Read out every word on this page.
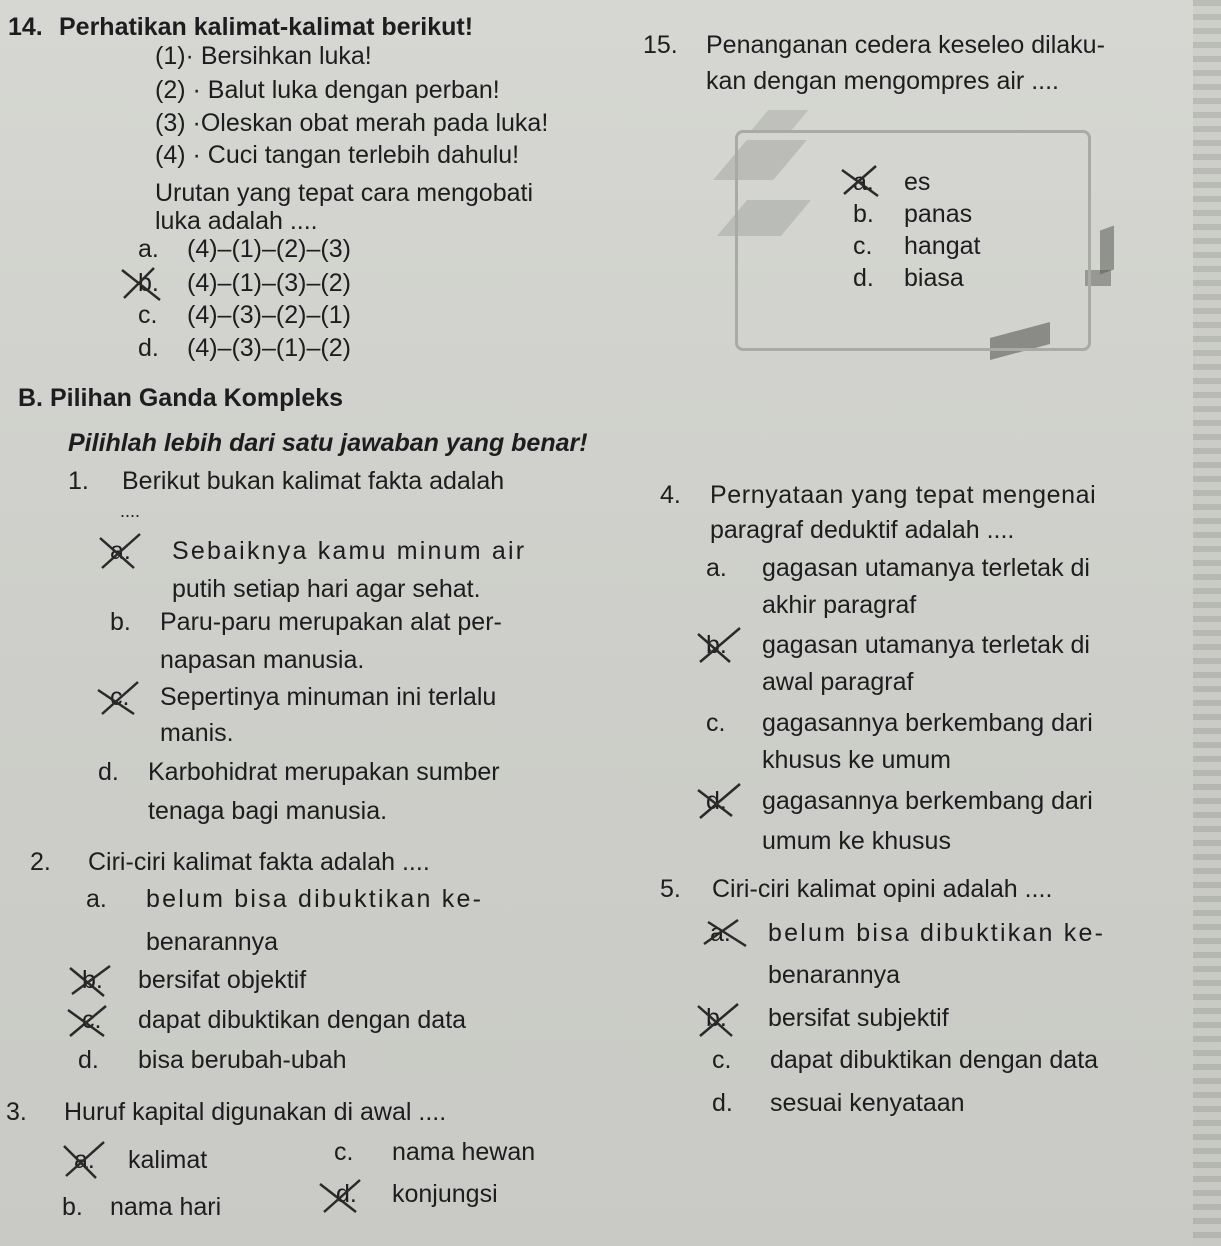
14. Perhatikan kalimat-kalimat berikut!
(1)· Bersihkan luka!
(2) · Balut luka dengan perban!
(3) ·Oleskan obat merah pada luka!
(4) · Cuci tangan terlebih dahulu!
Urutan yang tepat cara mengobati
luka adalah ....
a. (4)–(1)–(2)–(3)
b. (4)–(1)–(3)–(2)
c. (4)–(3)–(2)–(1)
d. (4)–(3)–(1)–(2)
15. Penanganan cedera keseleo dilaku-
kan dengan mengompres air ....
a. es
b. panas
c. hangat
d. biasa
B. Pilihan Ganda Kompleks
Pilihlah lebih dari satu jawaban yang benar!
1. Berikut bukan kalimat fakta adalah
....
a. Sebaiknya kamu minum air
putih setiap hari agar sehat.
b. Paru-paru merupakan alat per-
napasan manusia.
c. Sepertinya minuman ini terlalu
manis.
d. Karbohidrat merupakan sumber
tenaga bagi manusia.
2. Ciri-ciri kalimat fakta adalah ....
a. belum bisa dibuktikan ke-
benarannya
b. bersifat objektif
c. dapat dibuktikan dengan data
d. bisa berubah-ubah
3. Huruf kapital digunakan di awal ....
a. kalimat
b. nama hari
c. nama hewan
d. konjungsi
4. Pernyataan yang tepat mengenai
paragraf deduktif adalah ....
a. gagasan utamanya terletak di
akhir paragraf
b. gagasan utamanya terletak di
awal paragraf
c. gagasannya berkembang dari
khusus ke umum
d. gagasannya berkembang dari
umum ke khusus
5. Ciri-ciri kalimat opini adalah ....
a. belum bisa dibuktikan ke-
benarannya
b. bersifat subjektif
c. dapat dibuktikan dengan data
d. sesuai kenyataan
